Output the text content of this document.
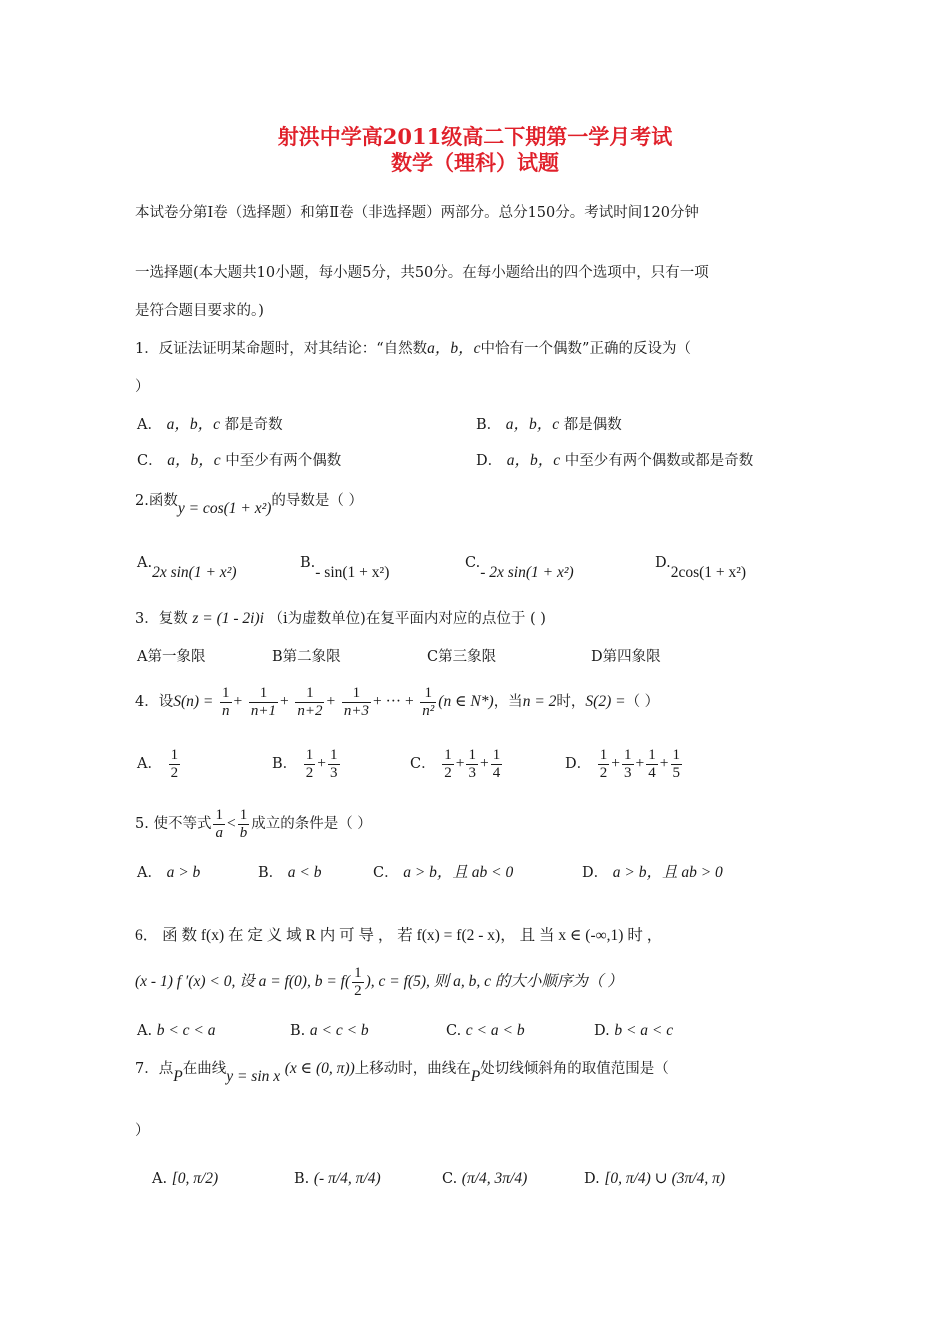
射洪中学高2011级高二下期第一学月考试
数学（理科）试题
本试卷分第Ⅰ卷（选择题）和第Ⅱ卷（非选择题）两部分。总分150分。考试时间120分钟
一选择题(本大题共10小题，每小题5分，共50分。在每小题给出的四个选项中，只有一项
是符合题目要求的。)
1．反证法证明某命题时，对其结论：“自然数a，b，c中恰有一个偶数”正确的反设为（
）
A． a，b，c 都是奇数	B． a，b，c 都是偶数
C． a，b，c 中至少有两个偶数	D． a，b，c 中至少有两个偶数或都是奇数
2.函数y = cos(1 + x²)的导数是（ ）
A.2x sin(1 + x²)
B.- sin(1 + x²)
C.- 2x sin(1 + x²)
D.2cos(1 + x²)
3．复数 z = (1 - 2i)i （i为虚数单位)在复平面内对应的点位于 ( )
A第一象限	B第二象限	C第三象限	D第四象限
4．设$S(n) = \frac{1}{n} + \frac{1}{n+1} + \frac{1}{n+2} + \frac{1}{n+3}$ + ··· + $\frac{1}{\text{n²}} (n$ ∈ N*)，当n = 2时，S(2) =（ ）
A． $\frac{1}{2}$	B． $\frac{1}{2} + \frac{1}{3}$	C． $\frac{1}{2} + \frac{1}{3} + \frac{1}{4}$	D． $\frac{1}{2} + \frac{1}{3} + \frac{1}{4} + \frac{1}{5}$
5. 使不等式 $\frac{1}{a} < \frac{1}{b}$ 成立的条件是（ ）
A． a > b	B． a < b	C． a > b，且 ab < 0	D． a > b，且 ab > 0
6． 函 数 f(x) 在 定 义 域 R 内 可 导 ， 若 f(x) = f(2 - x)， 且 当 x ∈ (-∞,1) 时 ，
(x - 1) f ′(x) < 0, 设 a = f(0), $b = f( \frac{1}{2}$ ), c = f(5), 则 a, b, c 的大小顺序为（ ）
A. b < c < a	B. a < c < b	C. c < a < b	D. b < a < c
7．点P在曲线y = sin x (x ∈ (0, π))上移动时，曲线在P处切线倾斜角的取值范围是（
）
A. [0, π/2)	B. (- π/4, π/4)	C. (π/4, 3π/4)	D. [0, π/4) ∪ (3π/4, π)
